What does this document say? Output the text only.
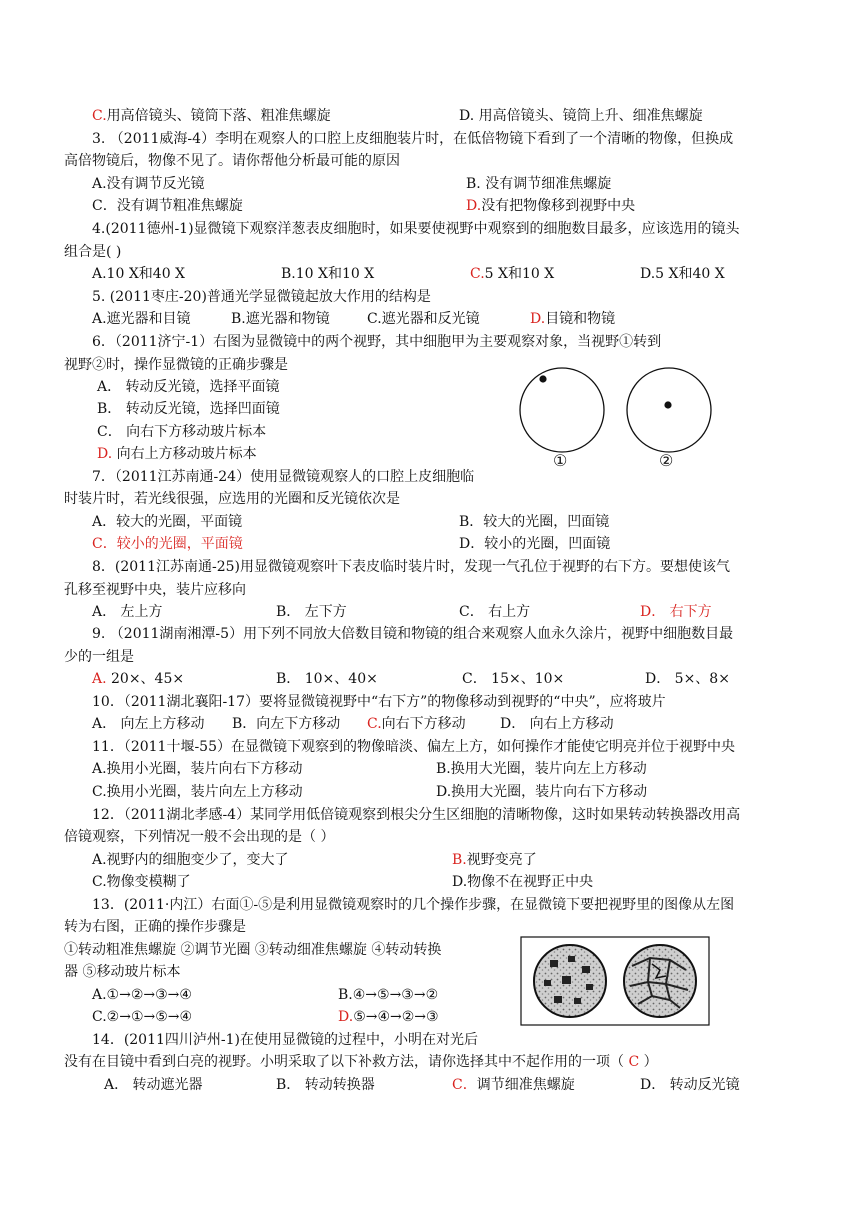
C.用高倍镜头、镜筒下落、粗准焦螺旋	D. 用高倍镜头、镜筒上升、细准焦螺旋
3. （2011威海-4）李明在观察人的口腔上皮细胞装片时，在低倍物镜下看到了一个清晰的物像，但换成
高倍物镜后，物像不见了。请你帮他分析最可能的原因
A.没有调节反光镜	B. 没有调节细准焦螺旋
C．没有调节粗准焦螺旋	D.没有把物像移到视野中央
4.(2011德州-1)显微镜下观察洋葱表皮细胞时，如果要使视野中观察到的细胞数目最多，应该选用的镜头
组合是( )
A.10 X和40 X	B.10 X和10 X	C.5 X和10 X	D.5 X和40 X
5. (2011枣庄-20)普通光学显微镜起放大作用的结构是
A.遮光器和目镜	B.遮光器和物镜	C.遮光器和反光镜	D.目镜和物镜
6．（2011济宁-1）右图为显微镜中的两个视野，其中细胞甲为主要观察对象，当视野①转到
视野②时，操作显微镜的正确步骤是
A． 转动反光镜，选择平面镜
B． 转动反光镜，选择凹面镜
C． 向右下方移动玻片标本
D. 向右上方移动玻片标本	①	②
7．（2011江苏南通-24）使用显微镜观察人的口腔上皮细胞临
时装片时，若光线很强，应选用的光圈和反光镜依次是
A．较大的光圈，平面镜	B．较大的光圈，凹面镜
C．较小的光圈，平面镜	D．较小的光圈，凹面镜
8．(2011江苏南通-25)用显微镜观察叶下表皮临时装片时，发现一气孔位于视野的右下方。要想使该气
孔移至视野中央，装片应移向
A． 左上方	B． 左下方	C． 右上方	D． 右下方
9. （2011湖南湘潭-5）用下列不同放大倍数目镜和物镜的组合来观察人血永久涂片，视野中细胞数目最
少的一组是
A. 20×、45×	B． 10×、40×	C． 15×、10×	D． 5×、8×
10．（2011湖北襄阳-17）要将显微镜视野中“右下方”的物像移动到视野的“中央”，应将玻片
A． 向左上方移动 B．向左下方移动 C.向右下方移动 D． 向右上方移动
11．（2011十堰-55）在显微镜下观察到的物像暗淡、偏左上方，如何操作才能使它明亮并位于视野中央
A.换用小光圈，装片向右下方移动	B.换用大光圈，装片向左上方移动
C.换用小光圈，装片向左上方移动	D.换用大光圈，装片向右下方移动
12．（2011湖北孝感-4）某同学用低倍镜观察到根尖分生区细胞的清晰物像，这时如果转动转换器改用高
倍镜观察，下列情况一般不会出现的是（ ）
A.视野内的细胞变少了，变大了	B.视野变亮了
C.物像变模糊了	D.物像不在视野正中央
13．(2011·内江）右面①-⑤是利用显微镜观察时的几个操作步骤，在显微镜下要把视野里的图像从左图
转为右图，正确的操作步骤是
①转动粗准焦螺旋 ②调节光圈 ③转动细准焦螺旋 ④转动转换
器 ⑤移动玻片标本
A.①→②→③→④	B.④→⑤→③→②
C.②→①→⑤→④	D.⑤→④→②→③
14．(2011四川泸州-1)在使用显微镜的过程中，小明在对光后
没有在目镜中看到白亮的视野。小明采取了以下补救方法，请你选择其中不起作用的一项（ C ）
A． 转动遮光器	B． 转动转换器	C．调节细准焦螺旋	D． 转动反光镜
